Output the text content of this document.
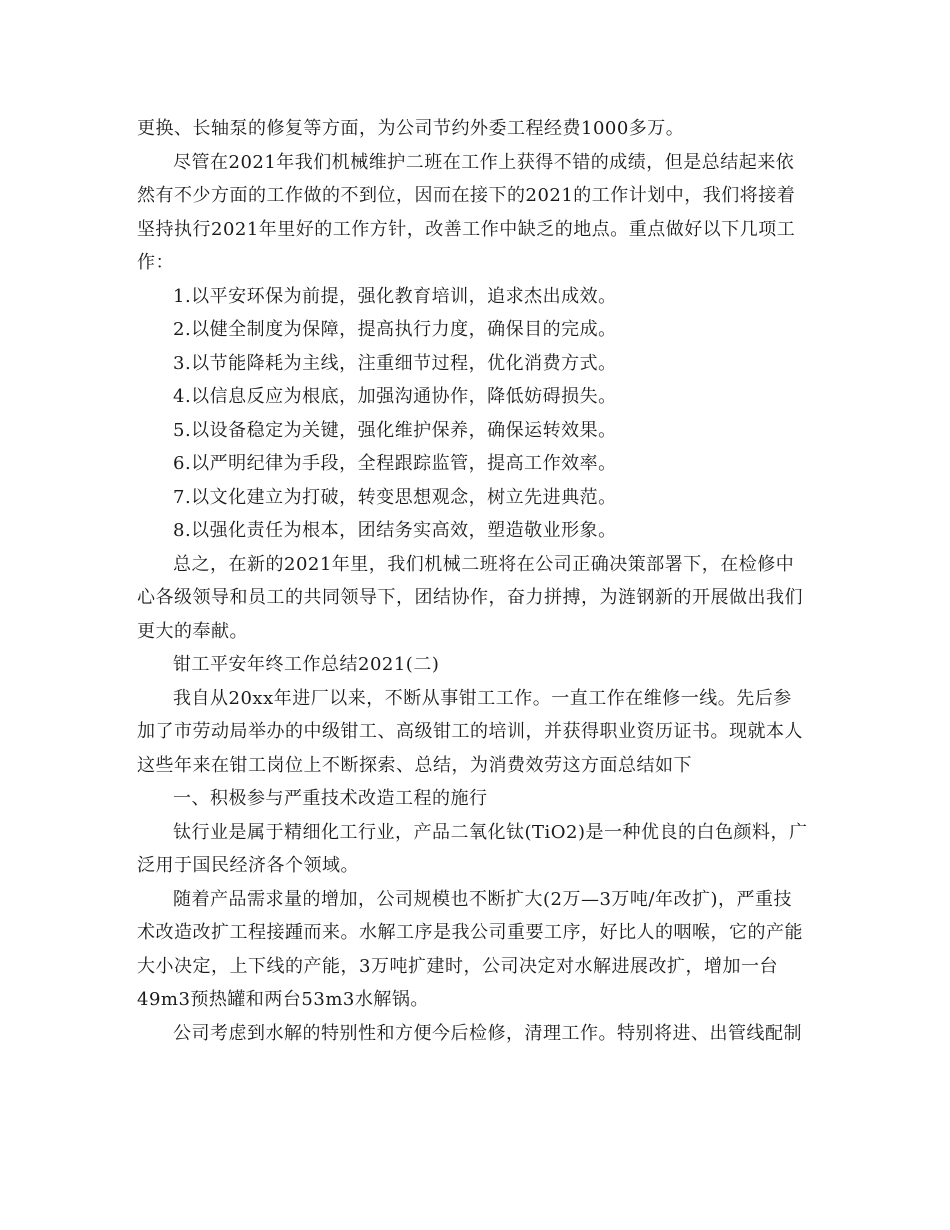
更换、长轴泵的修复等方面，为公司节约外委工程经费1000多万。
尽管在2021年我们机械维护二班在工作上获得不错的成绩，但是总结起来依
然有不少方面的工作做的不到位，因而在接下的2021的工作计划中，我们将接着
坚持执行2021年里好的工作方针，改善工作中缺乏的地点。重点做好以下几项工
作：
1.以平安环保为前提，强化教育培训，追求杰出成效。
2.以健全制度为保障，提高执行力度，确保目的完成。
3.以节能降耗为主线，注重细节过程，优化消费方式。
4.以信息反应为根底，加强沟通协作，降低妨碍损失。
5.以设备稳定为关键，强化维护保养，确保运转效果。
6.以严明纪律为手段，全程跟踪监管，提高工作效率。
7.以文化建立为打破，转变思想观念，树立先进典范。
8.以强化责任为根本，团结务实高效，塑造敬业形象。
总之，在新的2021年里，我们机械二班将在公司正确决策部署下，在检修中
心各级领导和员工的共同领导下，团结协作，奋力拼搏，为涟钢新的开展做出我们
更大的奉献。
钳工平安年终工作总结2021(二)
我自从20xx年进厂以来，不断从事钳工工作。一直工作在维修一线。先后参
加了市劳动局举办的中级钳工、高级钳工的培训，并获得职业资历证书。现就本人
这些年来在钳工岗位上不断探索、总结，为消费效劳这方面总结如下
一、积极参与严重技术改造工程的施行
钛行业是属于精细化工行业，产品二氧化钛(TiO2)是一种优良的白色颜料，广
泛用于国民经济各个领域。
随着产品需求量的增加，公司规模也不断扩大(2万—3万吨/年改扩)，严重技
术改造改扩工程接踵而来。水解工序是我公司重要工序，好比人的咽喉，它的产能
大小决定，上下线的产能，3万吨扩建时，公司决定对水解进展改扩，增加一台
49m3预热罐和两台53m3水解锅。
公司考虑到水解的特别性和方便今后检修，清理工作。特别将进、出管线配制
